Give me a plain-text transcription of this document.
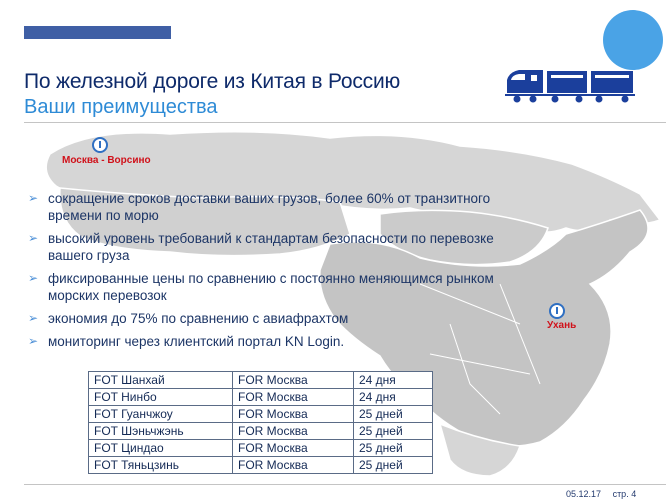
По железной дороге из Китая в Россию
Ваши преимущества
Москва - Ворсино
Ухань
➢ сокращение сроков доставки ваших грузов, более 60% от транзитного времени по морю
➢ высокий уровень требований к стандартам безопасности по перевозке вашего груза
➢ фиксированные цены по сравнению с постоянно меняющимся рынком морских перевозок
➢ экономия до 75% по сравнению с авиафрахтом
➢ мониторинг через клиентский портал KN Login.
FOT Шанхай	FOR Москва	24 дня
FOT Нинбо	FOR Москва	24 дня
FOT Гуанчжоу	FOR Москва	25 дней
FOT Шэньчжэнь	FOR Москва	25 дней
FOT Циндао	FOR Москва	25 дней
FOT Тяньцзинь	FOR Москва	25 дней
05.12.17 стр. 4
